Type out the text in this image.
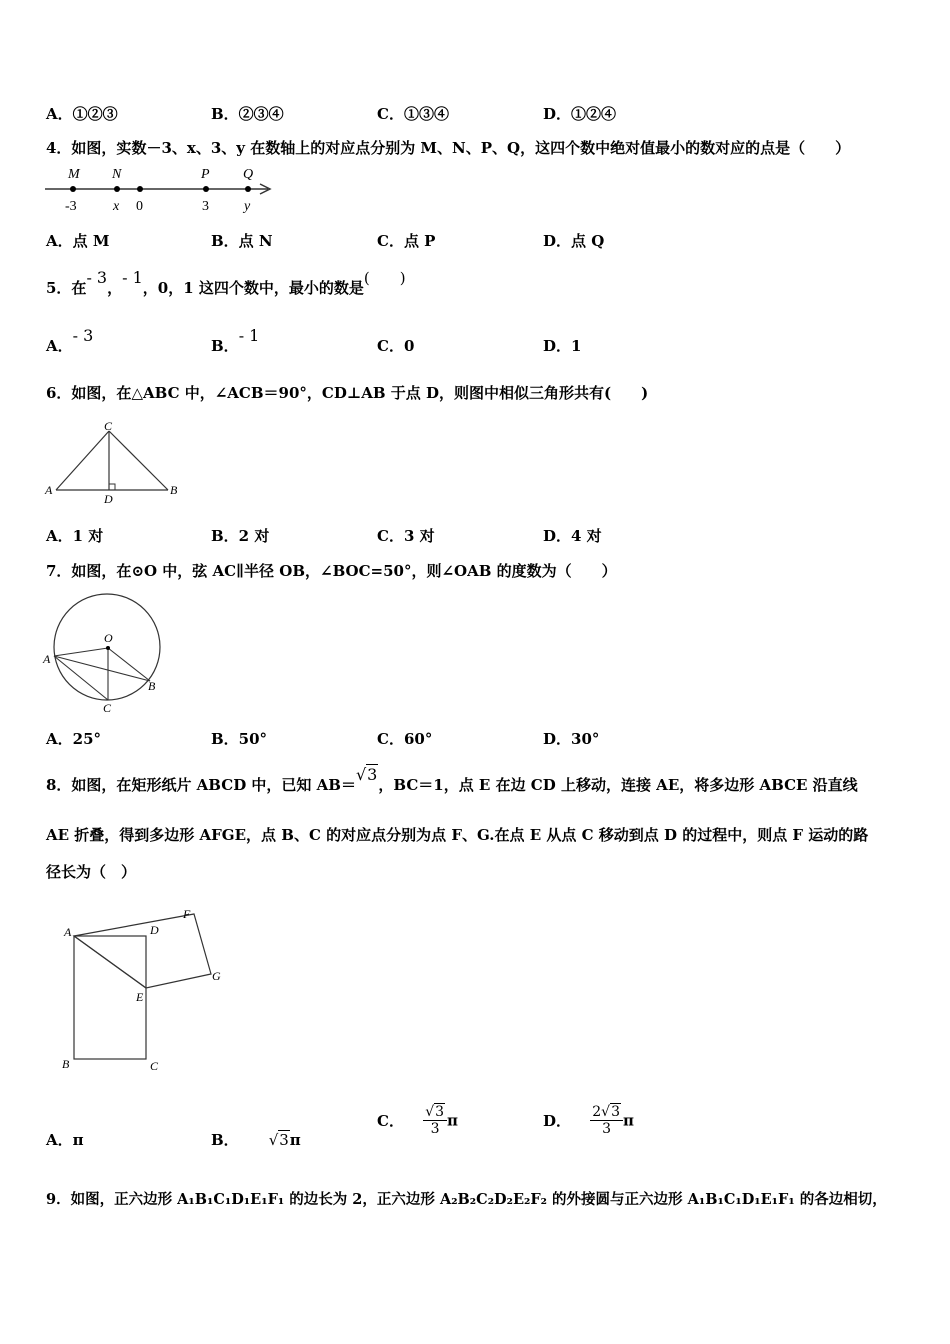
A．①②③	B．②③④	C．①③④	D．①②④
4．如图，实数－3、x、3、y 在数轴上的对应点分别为 M、N、P、Q，这四个数中绝对值最小的数对应的点是（　　）
M N	P Q
-3	x 0	3	y
A．点 M	B．点 N	C．点 P	D．点 Q
5．在- 3，- 1，0，1 这四个数中，最小的数是(　　)
A．- 3
B．- 1
C．0	D．1
6．如图，在△ABC 中，∠ACB＝90°，CD⊥AB 于点 D，则图中相似三角形共有(　　)
C
A
D
B
A．1 对	B．2 对	C．3 对	D．4 对
7．如图，在⊙O 中，弦 AC∥半径 OB，∠BOC=50°，则∠OAB 的度数为（　　）
O
A
B
C
A．25°	B．50°	C．60°	D．30°
8．如图，在矩形纸片 ABCD 中，已知 AB＝√3，BC＝1，点 E 在边 CD 上移动，连接 AE，将多边形 ABCE 沿直线
AE 折叠，得到多边形 AFGE，点 B、C 的对应点分别为点 F、G.在点 E 从点 C 移动到点 D 的过程中，则点 F 运动的路
径长为（　）
A	D
F
G
E
B	C
A．π	B． √3π
C． $\frac{√3}{3}$ π	D． $\frac{2√3}{3}$ π
9．如图，正六边形 A₁B₁C₁D₁E₁F₁ 的边长为 2，正六边形 A₂B₂C₂D₂E₂F₂ 的外接圆与正六边形 A₁B₁C₁D₁E₁F₁ 的各边相切，
